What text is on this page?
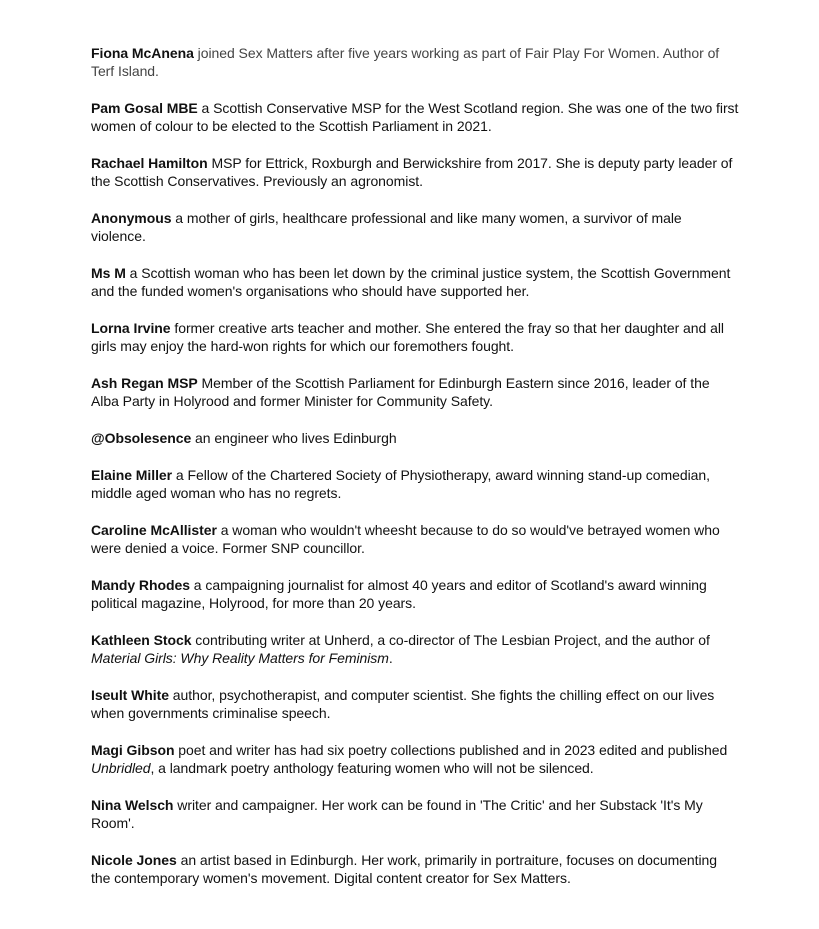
Fiona McAnena joined Sex Matters after five years working as part of Fair Play For Women. Author of Terf Island.

Pam Gosal MBE a Scottish Conservative MSP for the West Scotland region. She was one of the two first women of colour to be elected to the Scottish Parliament in 2021.

Rachael Hamilton MSP for Ettrick, Roxburgh and Berwickshire from 2017. She is deputy party leader of the Scottish Conservatives. Previously an agronomist.

Anonymous a mother of girls, healthcare professional and like many women, a survivor of male violence.

Ms M a Scottish woman who has been let down by the criminal justice system, the Scottish Government and the funded women's organisations who should have supported her.

Lorna Irvine former creative arts teacher and mother. She entered the fray so that her daughter and all girls may enjoy the hard-won rights for which our foremothers fought.

Ash Regan MSP Member of the Scottish Parliament for Edinburgh Eastern since 2016, leader of the Alba Party in Holyrood and former Minister for Community Safety.

@Obsolesence an engineer who lives Edinburgh

Elaine Miller a Fellow of the Chartered Society of Physiotherapy, award winning stand-up comedian, middle aged woman who has no regrets.

Caroline McAllister a woman who wouldn't wheesht because to do so would've betrayed women who were denied a voice. Former SNP councillor.

Mandy Rhodes a campaigning journalist for almost 40 years and editor of Scotland's award winning political magazine, Holyrood, for more than 20 years.

Kathleen Stock contributing writer at Unherd, a co-director of The Lesbian Project, and the author of Material Girls: Why Reality Matters for Feminism.

Iseult White author, psychotherapist, and computer scientist. She fights the chilling effect on our lives when governments criminalise speech.

Magi Gibson poet and writer has had six poetry collections published and in 2023 edited and published Unbridled, a landmark poetry anthology featuring women who will not be silenced.

Nina Welsch writer and campaigner. Her work can be found in 'The Critic' and her Substack 'It's My Room'.

Nicole Jones an artist based in Edinburgh. Her work, primarily in portraiture, focuses on documenting the contemporary women's movement. Digital content creator for Sex Matters.
